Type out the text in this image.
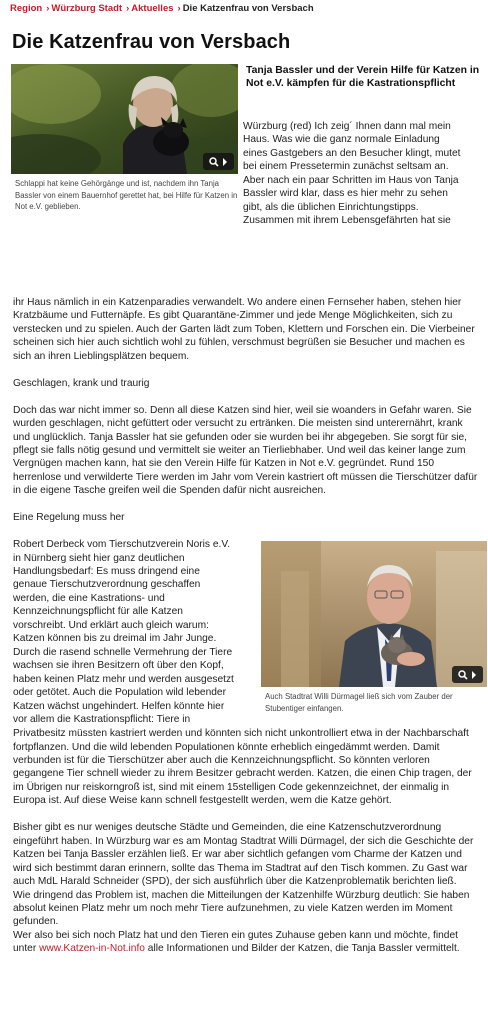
Region › Würzburg Stadt › Aktuelles › Die Katzenfrau von Versbach
Die Katzenfrau von Versbach
Schlappi hat keine Gehörgänge und ist, nachdem ihn Tanja Bassler von einem Bauernhof gerettet hat, bei Hilfe für Katzen in Not e.V. geblieben.
Tanja Bassler und der Verein Hilfe für Katzen in Not e.V. kämpfen für die Kastrationspflicht
Würzburg (red) Ich zeig´ Ihnen dann mal mein
Haus. Was wie die ganz normale Einladung
eines Gastgebers an den Besucher klingt, mutet
bei einem Pressetermin zunächst seltsam an.
Aber nach ein paar Schritten im Haus von Tanja
Bassler wird klar, dass es hier mehr zu sehen
gibt, als die üblichen Einrichtungstipps.
Zusammen mit ihrem Lebensgefährten hat sie

ihr Haus nämlich in ein Katzenparadies verwandelt. Wo andere einen Fernseher haben, stehen hier Kratzbäume und Futternäpfe. Es gibt Quarantäne-Zimmer und jede Menge Möglichkeiten, sich zu verstecken und zu spielen. Auch der Garten lädt zum Toben, Klettern und Forschen ein. Die Vierbeiner scheinen sich hier auch sichtlich wohl zu fühlen, verschmust begrüßen sie Besucher und machen es sich an ihren Lieblingsplätzen bequem.

Geschlagen, krank und traurig

Doch das war nicht immer so. Denn all diese Katzen sind hier, weil sie woanders in Gefahr waren. Sie wurden geschlagen, nicht gefüttert oder versucht zu ertränken. Die meisten sind unterernährt, krank und unglücklich. Tanja Bassler hat sie gefunden oder sie wurden bei ihr abgegeben. Sie sorgt für sie, pflegt sie falls nötig gesund und vermittelt sie weiter an Tierliebhaber. Und weil das keiner lange zum Vergnügen machen kann, hat sie den Verein Hilfe für Katzen in Not e.V. gegründet. Rund 150 herrenlose und verwilderte Tiere werden im Jahr vom Verein kastriert oft müssen die Tierschützer dafür in die eigene Tasche greifen weil die Spenden dafür nicht ausreichen.

Eine Regelung muss her

Robert Derbeck vom Tierschutzverein Noris e.V.
in Nürnberg sieht hier ganz deutlichen
Handlungsbedarf: Es muss dringend eine
genaue Tierschutzverordnung geschaffen
werden, die eine Kastrations- und
Kennzeichnungspflicht für alle Katzen
vorschreibt. Und erklärt auch gleich warum:
Katzen können bis zu dreimal im Jahr Junge.
Durch die rasend schnelle Vermehrung der Tiere
wachsen sie ihren Besitzern oft über den Kopf,
haben keinen Platz mehr und werden ausgesetzt
oder getötet. Auch die Population wild lebender
Katzen wächst ungehindert. Helfen könnte hier
vor allem die Kastrationspflicht: Tiere in
Auch Stadtrat Willi Dürmagel ließ sich vom Zauber der Stubentiger einfangen.

Privatbesitz müssten kastriert werden und könnten sich nicht unkontrolliert etwa in der Nachbarschaft fortpflanzen. Und die wild lebenden Populationen könnte erheblich eingedämmt werden. Damit verbunden ist für die Tierschützer aber auch die Kennzeichnungspflicht. So könnten verloren gegangene Tier schnell wieder zu ihrem Besitzer gebracht werden. Katzen, die einen Chip tragen, der im Übrigen nur reiskorngroß ist, sind mit einem 15stelligen Code gekennzeichnet, der einmalig in Europa ist. Auf diese Weise kann schnell festgestellt werden, wem die Katze gehört.

Bisher gibt es nur weniges deutsche Städte und Gemeinden, die eine Katzenschutzverordnung eingeführt haben. In Würzburg war es am Montag Stadtrat Willi Dürmagel, der sich die Geschichte der Katzen bei Tanja Bassler erzählen ließ. Er war aber sichtlich gefangen vom Charme der Katzen und wird sich bestimmt daran erinnern, sollte das Thema im Stadtrat auf den Tisch kommen. Zu Gast war auch MdL Harald Schneider (SPD), der sich ausführlich über die Katzenproblematik berichten ließ.

Wie dringend das Problem ist, machen die Mitteilungen der Katzenhilfe Würzburg deutlich: Sie haben absolut keinen Platz mehr um noch mehr Tiere aufzunehmen, zu viele Katzen werden im Moment gefunden.

Wer also bei sich noch Platz hat und den Tieren ein gutes Zuhause geben kann und möchte, findet unter www.Katzen-in-Not.info alle Informationen und Bilder der Katzen, die Tanja Bassler vermittelt.
